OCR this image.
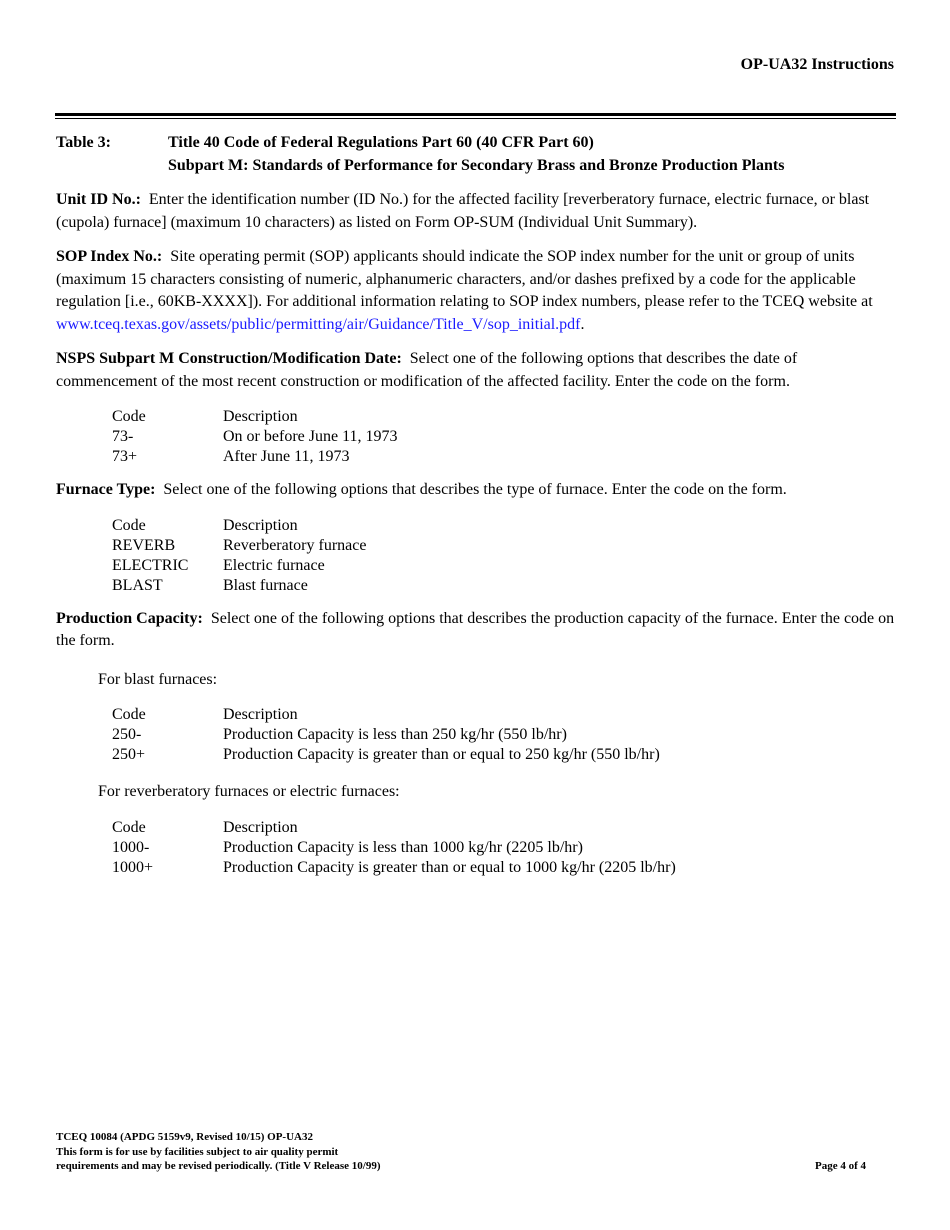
OP-UA32 Instructions
Table 3:	Title 40 Code of Federal Regulations Part 60 (40 CFR Part 60)
Subpart M: Standards of Performance for Secondary Brass and Bronze Production Plants

Unit ID No.: Enter the identification number (ID No.) for the affected facility [reverberatory furnace, electric furnace, or blast (cupola) furnace] (maximum 10 characters) as listed on Form OP-SUM (Individual Unit Summary).

SOP Index No.: Site operating permit (SOP) applicants should indicate the SOP index number for the unit or group of units (maximum 15 characters consisting of numeric, alphanumeric characters, and/or dashes prefixed by a code for the applicable regulation [i.e., 60KB-XXXX]). For additional information relating to SOP index numbers, please refer to the TCEQ website at www.tceq.texas.gov/assets/public/permitting/air/Guidance/Title_V/sop_initial.pdf.

NSPS Subpart M Construction/Modification Date: Select one of the following options that describes the date of commencement of the most recent construction or modification of the affected facility. Enter the code on the form.

Code	Description
73-	On or before June 11, 1973
73+	After June 11, 1973

Furnace Type: Select one of the following options that describes the type of furnace. Enter the code on the form.

Code	Description
REVERB	Reverberatory furnace
ELECTRIC	Electric furnace
BLAST	Blast furnace

Production Capacity: Select one of the following options that describes the production capacity of the furnace. Enter the code on the form.

For blast furnaces:
Code	Description
250-	Production Capacity is less than 250 kg/hr (550 lb/hr)
250+	Production Capacity is greater than or equal to 250 kg/hr (550 lb/hr)
For reverberatory furnaces or electric furnaces:
Code	Description
1000-	Production Capacity is less than 1000 kg/hr (2205 lb/hr)
1000+	Production Capacity is greater than or equal to 1000 kg/hr (2205 lb/hr)
TCEQ 10084 (APDG 5159v9, Revised 10/15) OP-UA32
This form is for use by facilities subject to air quality permit
requirements and may be revised periodically. (Title V Release 10/99)	Page 4 of 4
